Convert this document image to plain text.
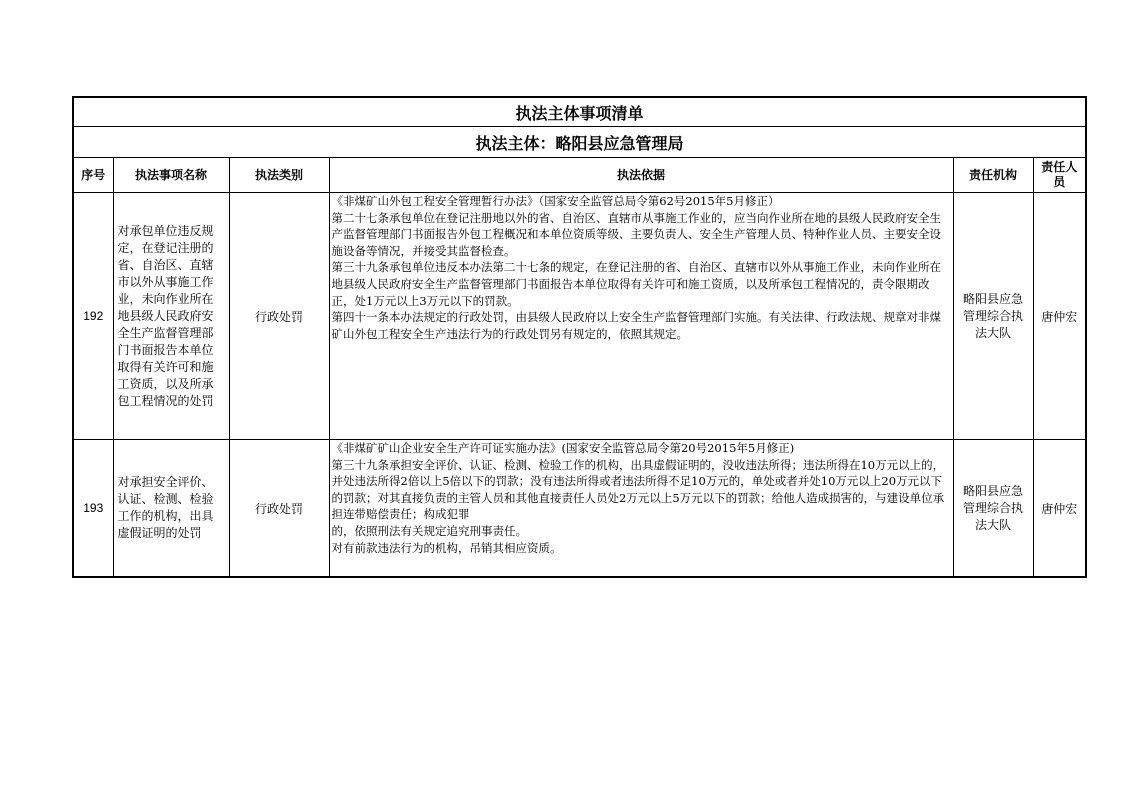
执法主体事项清单					
执法主体：略阳县应急管理局					
序号	执法事项名称	执法类别	执法依据	责任机构	责任人员
192	对承包单位违反规定，在登记注册的省、自治区、直辖市以外从事施工作业，未向作业所在地县级人民政府安全生产监督管理部门书面报告本单位取得有关许可和施工资质，以及所承包工程情况的处罚	行政处罚	《非煤矿山外包工程安全管理暂行办法》（国家安全监管总局令第62号2015年5月修正）

第二十七条承包单位在登记注册地以外的省、自治区、直辖市从事施工作业的，应当向作业所在地的县级人民政府安全生产监督管理部门书面报告外包工程概况和本单位资质等级、主要负责人、安全生产管理人员、特种作业人员、主要安全设施设备等情况，并接受其监督检查。

第三十九条承包单位违反本办法第二十七条的规定，在登记注册的省、自治区、直辖市以外从事施工作业，未向作业所在地县级人民政府安全生产监督管理部门书面报告本单位取得有关许可和施工资质，以及所承包工程情况的，责令限期改正，处1万元以上3万元以下的罚款。

第四十一条本办法规定的行政处罚，由县级人民政府以上安全生产监督管理部门实施。有关法律、行政法规、规章对非煤矿山外包工程安全生产违法行为的行政处罚另有规定的，依照其规定。	略阳县应急管理综合执法大队	唐仲宏
193	对承担安全评价、认证、检测、检验工作的机构，出具虚假证明的处罚	行政处罚	《非煤矿矿山企业安全生产许可证实施办法》(国家安全监管总局令第20号2015年5月修正)

第三十九条承担安全评价、认证、检测、检验工作的机构，出具虚假证明的，没收违法所得；违法所得在10万元以上的，并处违法所得2倍以上5倍以下的罚款；没有违法所得或者违法所得不足10万元的，单处或者并处10万元以上20万元以下的罚款；对其直接负责的主管人员和其他直接责任人员处2万元以上5万元以下的罚款；给他人造成损害的，与建设单位承担连带赔偿责任；构成犯罪

的，依照刑法有关规定追究刑事责任。

对有前款违法行为的机构，吊销其相应资质。	略阳县应急管理综合执法大队	唐仲宏
